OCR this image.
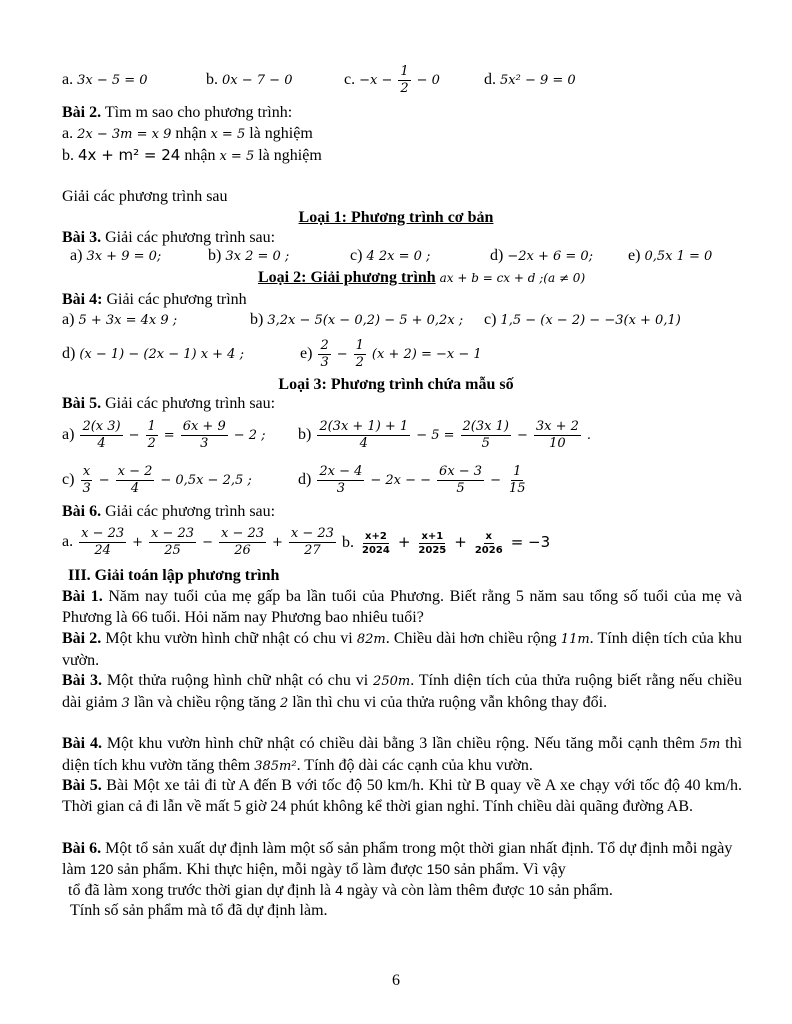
a. 3x − 5 = 0	b. 0x − 7 − 0	c. $-x - \frac{1}{2} - 0$	d. 5x² − 9 = 0
Bài 2. Tìm m sao cho phương trình:
a. 2x − 3m = x 9 nhận x = 5 là nghiệm
b. 4x + m² = 24 nhận x = 5 là nghiệm
Giải các phương trình sau
Loại 1: Phương trình cơ bản
Bài 3. Giải các phương trình sau:
a) 3x + 9 = 0;	b) 3x 2 = 0 ;	c) 4 2x = 0 ;	d) −2x + 6 = 0; e) 0,5x 1 = 0
Loại 2: Giải phương trình ax + b = cx + d ;(a ≠ 0)
Bài 4: Giải các phương trình
a) 5 + 3x = 4x 9 ;	b) 3,2x − 5(x − 0,2) − 5 + 0,2x ; c) 1,5 − (x − 2) − −3(x + 0,1)
d) (x − 1) − (2x − 1) x + 4 ;	$e) \frac{2}{3} - \frac{1}{2} (x + 2) = -x - 1$
Loại 3: Phương trình chứa mẫu số
Bài 5. Giải các phương trình sau:
$a) \frac{2(x 3)}{4} - \frac{1}{2} = \frac{6x + 9}{3} - 2$ ; $b) \frac{2(3x + 1) + 1}{4} - 5 = \frac{2(3x 1)}{5} - \frac{3x + 2}{10}$ .
$c) \frac{x}{3} - \frac{x - 2}{4} - 0,5x - 2,5$ ;	$d) \frac{2x - 4}{3} - 2x$ − − $\frac{6x - 3}{5} - \frac{1}{15}$
Bài 6. Giải các phương trình sau:
a. $\frac{x - 23}{24} + \frac{x - 23}{25} - \frac{x - 23}{26} + \frac{x - 23}{27} b$. $\frac{x+2}{2024} + \frac{x+1}{2025} + \frac{x}{2026} = -3$
III. Giải toán lập phương trình
Bài 1. Năm nay tuổi của mẹ gấp ba lần tuổi của Phương. Biết rằng 5 năm sau tổng số tuổi của mẹ và Phương là 66 tuổi. Hỏi năm nay Phương bao nhiêu tuổi?
Bài 2. Một khu vườn hình chữ nhật có chu vi 82m. Chiều dài hơn chiều rộng 11m. Tính diện tích của khu vườn.
Bài 3. Một thửa ruộng hình chữ nhật có chu vi 250m. Tính diện tích của thửa ruộng biết rằng nếu chiều dài giảm 3 lần và chiều rộng tăng 2 lần thì chu vi của thửa ruộng vẫn không thay đổi.
Bài 4. Một khu vườn hình chữ nhật có chiều dài bằng 3 lần chiều rộng. Nếu tăng mỗi cạnh thêm 5m thì diện tích khu vườn tăng thêm 385m². Tính độ dài các cạnh của khu vườn.
Bài 5. Bài Một xe tải đi từ A đến B với tốc độ 50 km/h. Khi từ B quay về A xe chạy với tốc độ 40 km/h. Thời gian cả đi lẫn về mất 5 giờ 24 phút không kể thời gian nghỉ. Tính chiều dài quãng đường AB.
Bài 6. Một tổ sản xuất dự định làm một số sản phẩm trong một thời gian nhất định. Tổ dự định mỗi ngày làm 120 sản phẩm. Khi thực hiện, mỗi ngày tổ làm được 150 sản phẩm. Vì vậy
tổ đã làm xong trước thời gian dự định là 4 ngày và còn làm thêm được 10 sản phẩm.
Tính số sản phẩm mà tổ đã dự định làm.
6
